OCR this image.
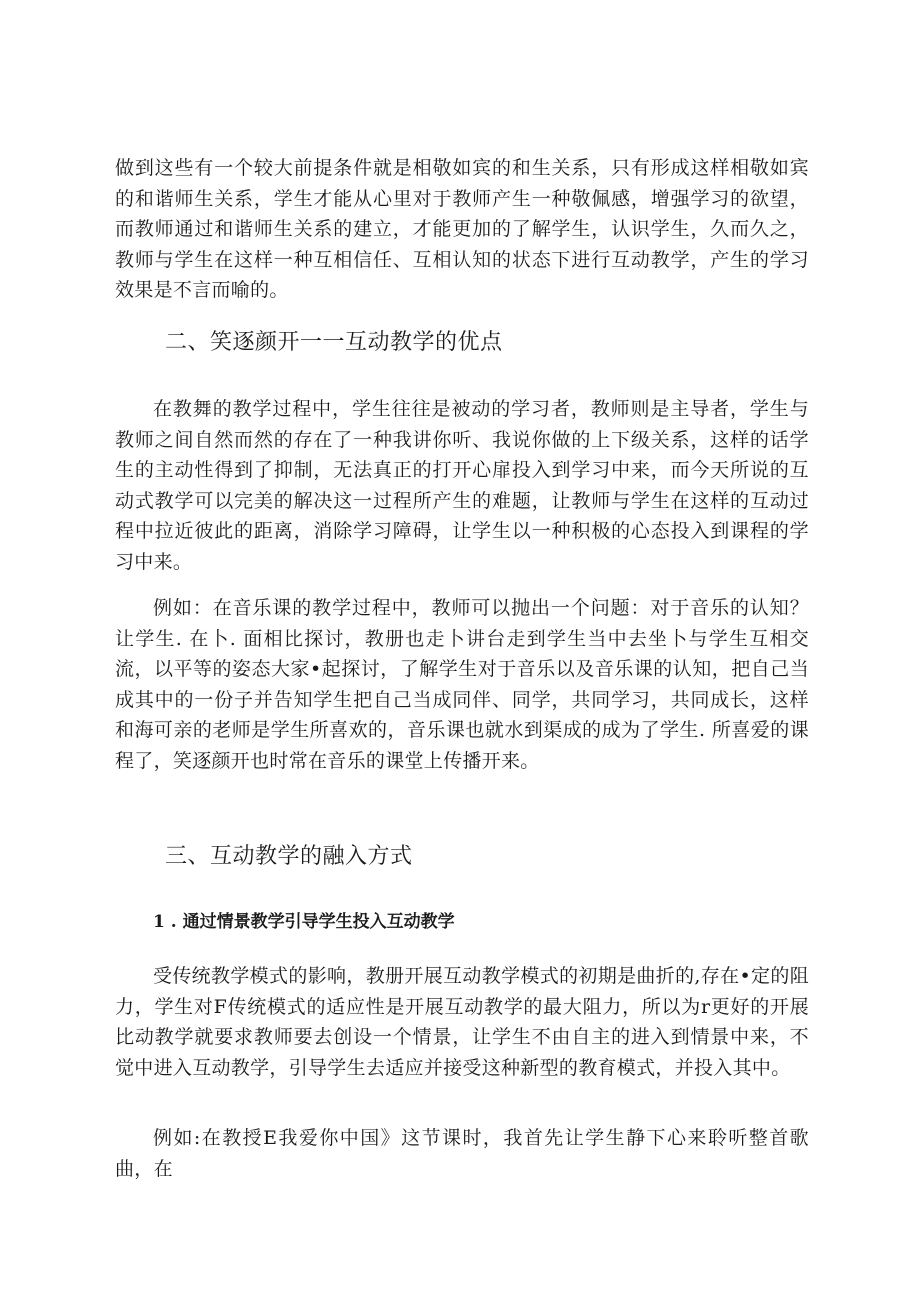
做到这些有一个较大前提条件就是相敬如宾的和生关系，只有形成这样相敬如宾的和谐师生关系，学生才能从心里对于教师产生一种敬佩感，增强学习的欲望，而教师通过和谐师生关系的建立，才能更加的了解学生，认识学生，久而久之，教师与学生在这样一种互相信任、互相认知的状态下进行互动教学，产生的学习效果是不言而喻的。

二、笑逐颜开一一互动教学的优点

在教舞的教学过程中，学生往往是被动的学习者，教师则是主导者，学生与教师之间自然而然的存在了一种我讲你听、我说你做的上下级关系，这样的话学生的主动性得到了抑制，无法真正的打开心扉投入到学习中来，而今天所说的互动式教学可以完美的解决这一过程所产生的难题，让教师与学生在这样的互动过程中拉近彼此的距离，消除学习障碍，让学生以一种积极的心态投入到课程的学习中来。

例如：在音乐课的教学过程中，教师可以抛出一个问题：对于音乐的认知？让学生. 在卜. 面相比探讨，教册也走卜讲台走到学生当中去坐卜与学生互相交流，以平等的姿态大家•起探讨，了解学生对于音乐以及音乐课的认知，把自己当成其中的一份子并告知学生把自己当成同伴、同学，共同学习，共同成长，这样和海可亲的老师是学生所喜欢的，音乐课也就水到渠成的成为了学生. 所喜爱的课程了，笑逐颜开也时常在音乐的课堂上传播开来。

三、互动教学的融入方式
1 . 通过情景教学引导学生投入互动教学

受传统教学模式的影响，教册开展互动教学模式的初期是曲折的,存在•定的阻力，学生对F传统模式的适应性是开展互动教学的最大阻力，所以为r更好的开展比动教学就要求教师要去创设一个情景，让学生不由自主的进入到情景中来，不觉中进入互动教学，引导学生去适应并接受这种新型的教育模式，并投入其中。

例如:在教授E我爱你中国》这节课时，我首先让学生静下心来聆听整首歌曲，在
